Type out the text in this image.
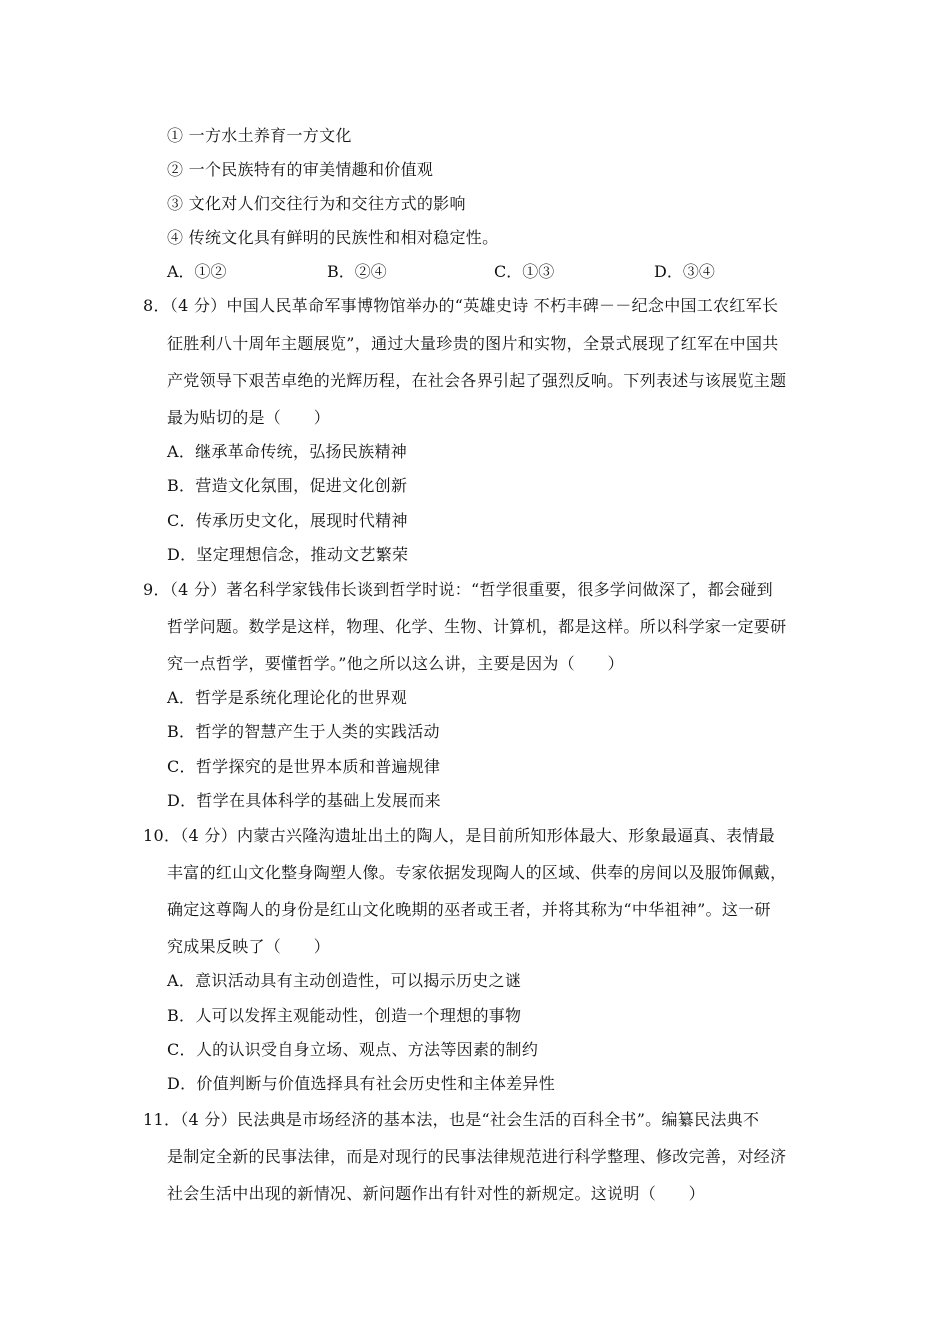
① 一方水土养育一方文化
② 一个民族特有的审美情趣和价值观
③ 文化对人们交往行为和交往方式的影响
④ 传统文化具有鲜明的民族性和相对稳定性。
A．①②	B．②④	C．①③	D．③④
8．（4 分）中国人民革命军事博物馆举办的“英雄史诗 不朽丰碑－－纪念中国工农红军长
征胜利八十周年主题展览”，通过大量珍贵的图片和实物，全景式展现了红军在中国共
产党领导下艰苦卓绝的光辉历程，在社会各界引起了强烈反响。下列表述与该展览主题
最为贴切的是（　　）
A．继承革命传统，弘扬民族精神
B．营造文化氛围，促进文化创新
C．传承历史文化，展现时代精神
D．坚定理想信念，推动文艺繁荣
9．（4 分）著名科学家钱伟长谈到哲学时说：“哲学很重要，很多学问做深了，都会碰到
哲学问题。数学是这样，物理、化学、生物、计算机，都是这样。所以科学家一定要研
究一点哲学，要懂哲学。”他之所以这么讲，主要是因为（　　）
A．哲学是系统化理论化的世界观
B．哲学的智慧产生于人类的实践活动
C．哲学探究的是世界本质和普遍规律
D．哲学在具体科学的基础上发展而来
10．（4 分）内蒙古兴隆沟遗址出土的陶人，是目前所知形体最大、形象最逼真、表情最
丰富的红山文化整身陶塑人像。专家依据发现陶人的区域、供奉的房间以及服饰佩戴，
确定这尊陶人的身份是红山文化晚期的巫者或王者，并将其称为“中华祖神”。这一研
究成果反映了（　　）
A．意识活动具有主动创造性，可以揭示历史之谜
B．人可以发挥主观能动性，创造一个理想的事物
C．人的认识受自身立场、观点、方法等因素的制约
D．价值判断与价值选择具有社会历史性和主体差异性
11．（4 分）民法典是市场经济的基本法，也是“社会生活的百科全书”。编纂民法典不
是制定全新的民事法律，而是对现行的民事法律规范进行科学整理、修改完善，对经济
社会生活中出现的新情况、新问题作出有针对性的新规定。这说明（　　）
